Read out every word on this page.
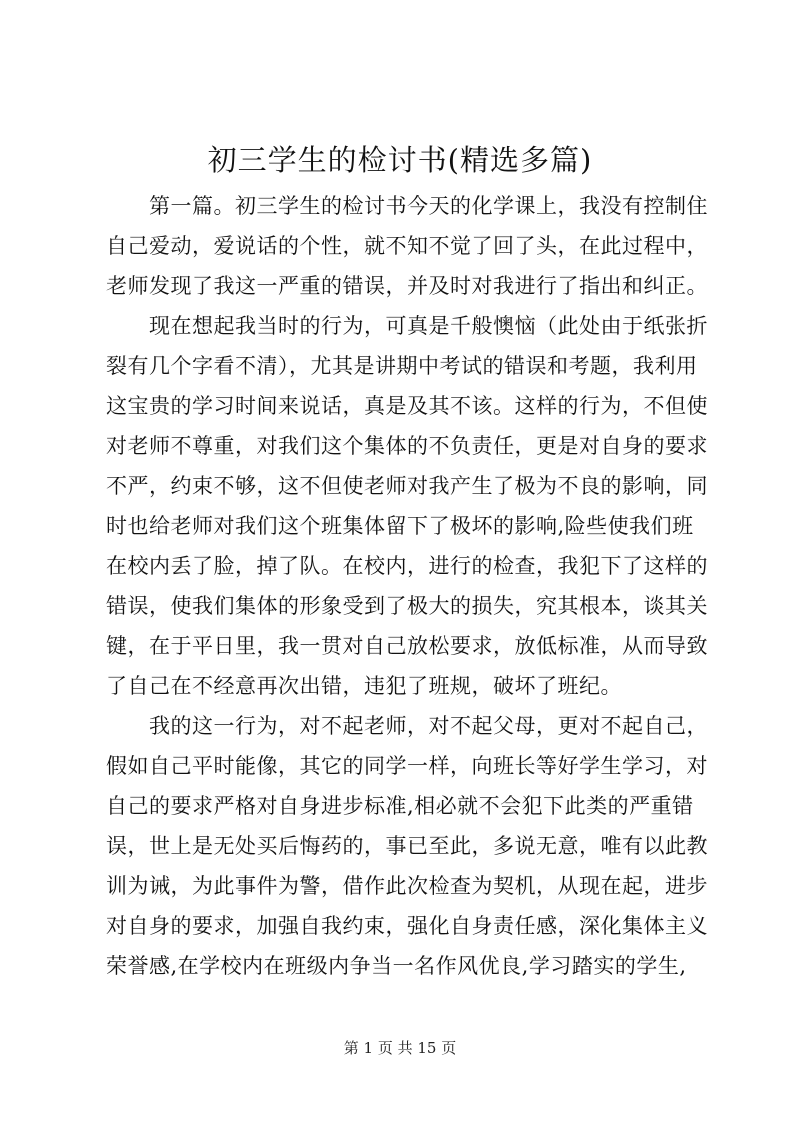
初三学生的检讨书(精选多篇)
第一篇。初三学生的检讨书今天的化学课上，我没有控制住
自己爱动，爱说话的个性，就不知不觉了回了头，在此过程中，
老师发现了我这一严重的错误，并及时对我进行了指出和纠正。
现在想起我当时的行为，可真是千般懊恼（此处由于纸张折
裂有几个字看不清），尤其是讲期中考试的错误和考题，我利用
这宝贵的学习时间来说话，真是及其不该。这样的行为，不但使
对老师不尊重，对我们这个集体的不负责任，更是对自身的要求
不严，约束不够，这不但使老师对我产生了极为不良的影响，同
时也给老师对我们这个班集体留下了极坏的影响,险些使我们班
在校内丢了脸，掉了队。在校内，进行的检查，我犯下了这样的
错误，使我们集体的形象受到了极大的损失，究其根本，谈其关
键，在于平日里，我一贯对自己放松要求，放低标准，从而导致
了自己在不经意再次出错，违犯了班规，破坏了班纪。
我的这一行为，对不起老师，对不起父母，更对不起自己，
假如自己平时能像，其它的同学一样，向班长等好学生学习，对
自己的要求严格对自身进步标准,相必就不会犯下此类的严重错
误，世上是无处买后悔药的，事已至此，多说无意，唯有以此教
训为诫，为此事件为警，借作此次检查为契机，从现在起，进步
对自身的要求，加强自我约束，强化自身责任感，深化集体主义
荣誉感,在学校内在班级内争当一名作风优良,学习踏实的学生,
第 1 页 共 15 页
